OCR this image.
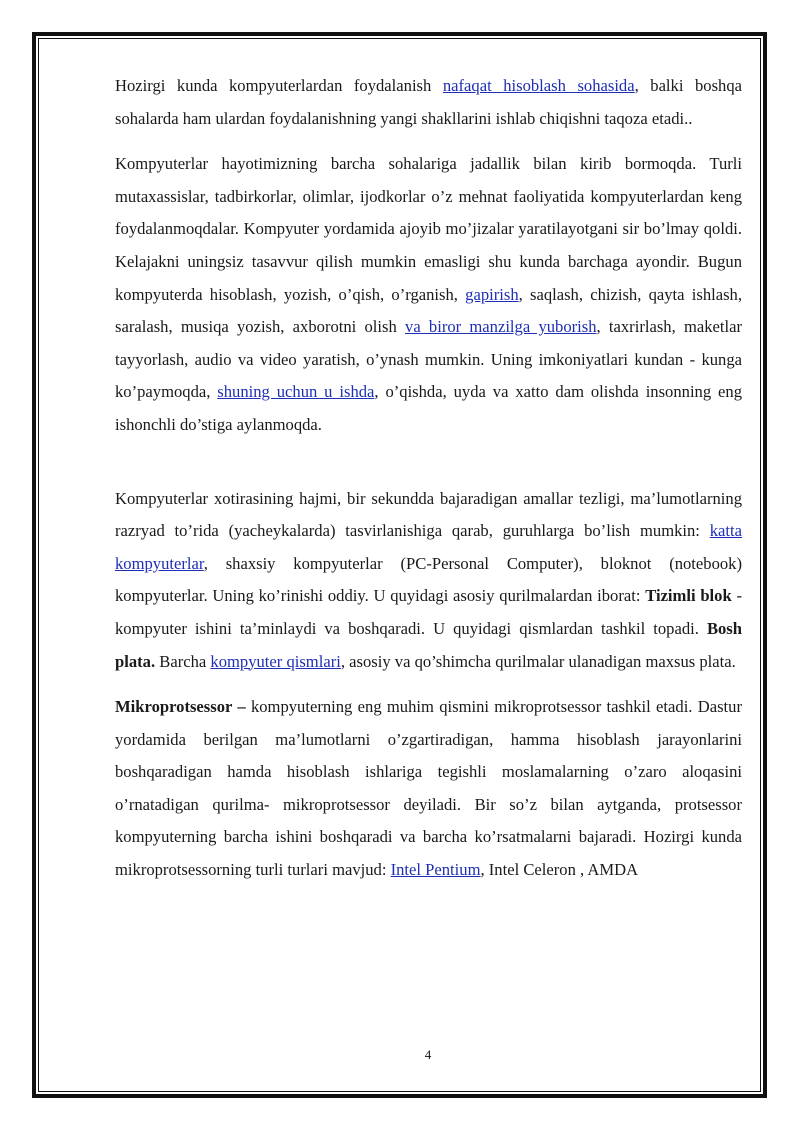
Hozirgi kunda kompyuterlardan foydalanish nafaqat hisoblash sohasida, balki boshqa sohalarda ham ulardan foydalanishning yangi shakllarini ishlab chiqishni taqoza etadi..

Kompyuterlar hayotimizning barcha sohalariga jadallik bilan kirib bormoqda. Turli mutaxassislar, tadbirkorlar, olimlar, ijodkorlar o’z mehnat faoliyatida kompyuterlardan keng foydalanmoqdalar. Kompyuter yordamida ajoyib mo’jizalar yaratilayotgani sir bo’lmay qoldi. Kelajakni uningsiz tasavvur qilish mumkin emasligi shu kunda barchaga ayondir. Bugun kompyuterda hisoblash, yozish, o’qish, o’rganish, gapirish, saqlash, chizish, qayta ishlash, saralash, musiqa yozish, axborotni olish va biror manzilga yuborish, taxrirlash, maketlar tayyorlash, audio va video yaratish, o’ynash mumkin. Uning imkoniyatlari kundan - kunga ko’paymoqda, shuning uchun u ishda, o’qishda, uyda va xatto dam olishda insonning eng ishonchli do’stiga aylanmoqda.

Kompyuterlar xotirasining hajmi, bir sekundda bajaradigan amallar tezligi, ma’lumotlarning razryad to’rida (yacheykalarda) tasvirlanishiga qarab, guruhlarga bo’lish mumkin: katta kompyuterlar, shaxsiy kompyuterlar (PC-Personal Computer), bloknot (notebook) kompyuterlar. Uning ko’rinishi oddiy. U quyidagi asosiy qurilmalardan iborat: Tizimli blok - kompyuter ishini ta’minlaydi va boshqaradi. U quyidagi qismlardan tashkil topadi. Bosh plata. Barcha kompyuter qismlari, asosiy va qo’shimcha qurilmalar ulanadigan maxsus plata.

Mikroprotsessor – kompyuterning eng muhim qismini mikroprotsessor tashkil etadi. Dastur yordamida berilgan ma’lumotlarni o’zgartiradigan, hamma hisoblash jarayonlarini boshqaradigan hamda hisoblash ishlariga tegishli moslamalarning o’zaro aloqasini o’rnatadigan qurilma- mikroprotsessor deyiladi. Bir so’z bilan aytganda, protsessor kompyuterning barcha ishini boshqaradi va barcha ko’rsatmalarni bajaradi. Hozirgi kunda mikroprotsessorning turli turlari mavjud: Intel Pentium, Intel Celeron , AMDA

4
